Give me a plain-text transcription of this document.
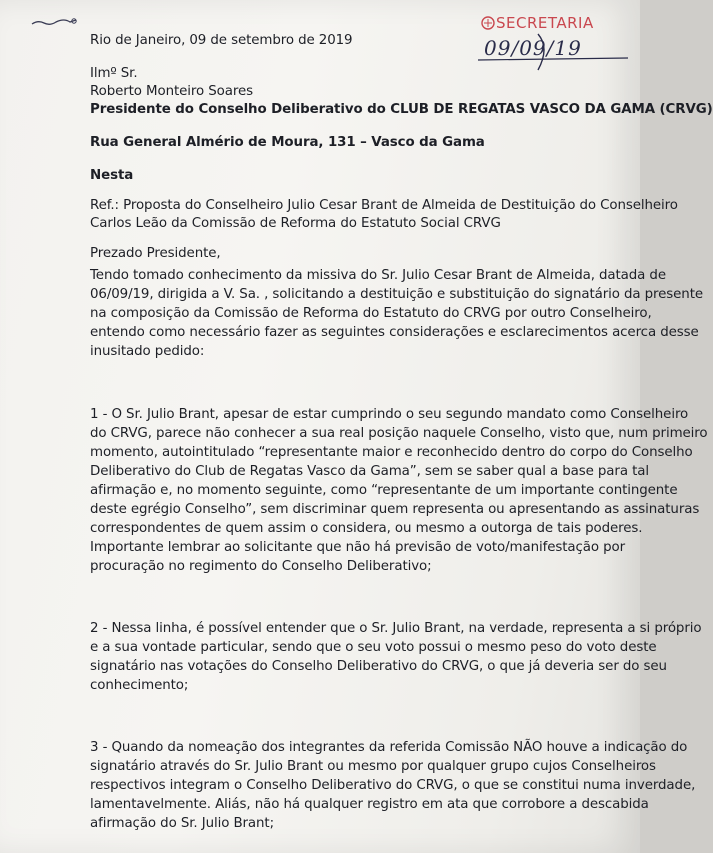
SECRETARIA
09/09/19
Rio de Janeiro, 09 de setembro de 2019
Ilmº Sr.
Roberto Monteiro Soares
Presidente do Conselho Deliberativo do CLUB DE REGATAS VASCO DA GAMA (CRVG)
Rua General Almério de Moura, 131 – Vasco da Gama
Nesta
Ref.: Proposta do Conselheiro Julio Cesar Brant de Almeida de Destituição do Conselheiro
Carlos Leão da Comissão de Reforma do Estatuto Social CRVG
Prezado Presidente,
Tendo tomado conhecimento da missiva do Sr. Julio Cesar Brant de Almeida, datada de
06/09/19, dirigida a V. Sa. , solicitando a destituição e substituição do signatário da presente
na composição da Comissão de Reforma do Estatuto do CRVG por outro Conselheiro,
entendo como necessário fazer as seguintes considerações e esclarecimentos acerca desse
inusitado pedido:
1 - O Sr. Julio Brant, apesar de estar cumprindo o seu segundo mandato como Conselheiro
do CRVG, parece não conhecer a sua real posição naquele Conselho, visto que, num primeiro
momento, autointitulado “representante maior e reconhecido dentro do corpo do Conselho
Deliberativo do Club de Regatas Vasco da Gama”, sem se saber qual a base para tal
afirmação e, no momento seguinte, como “representante de um importante contingente
deste egrégio Conselho”, sem discriminar quem representa ou apresentando as assinaturas
correspondentes de quem assim o considera, ou mesmo a outorga de tais poderes.
Importante lembrar ao solicitante que não há previsão de voto/manifestação por
procuração no regimento do Conselho Deliberativo;
2 - Nessa linha, é possível entender que o Sr. Julio Brant, na verdade, representa a si próprio
e a sua vontade particular, sendo que o seu voto possui o mesmo peso do voto deste
signatário nas votações do Conselho Deliberativo do CRVG, o que já deveria ser do seu
conhecimento;
3 - Quando da nomeação dos integrantes da referida Comissão NÃO houve a indicação do
signatário através do Sr. Julio Brant ou mesmo por qualquer grupo cujos Conselheiros
respectivos integram o Conselho Deliberativo do CRVG, o que se constitui numa inverdade,
lamentavelmente. Aliás, não há qualquer registro em ata que corrobore a descabida
afirmação do Sr. Julio Brant;
